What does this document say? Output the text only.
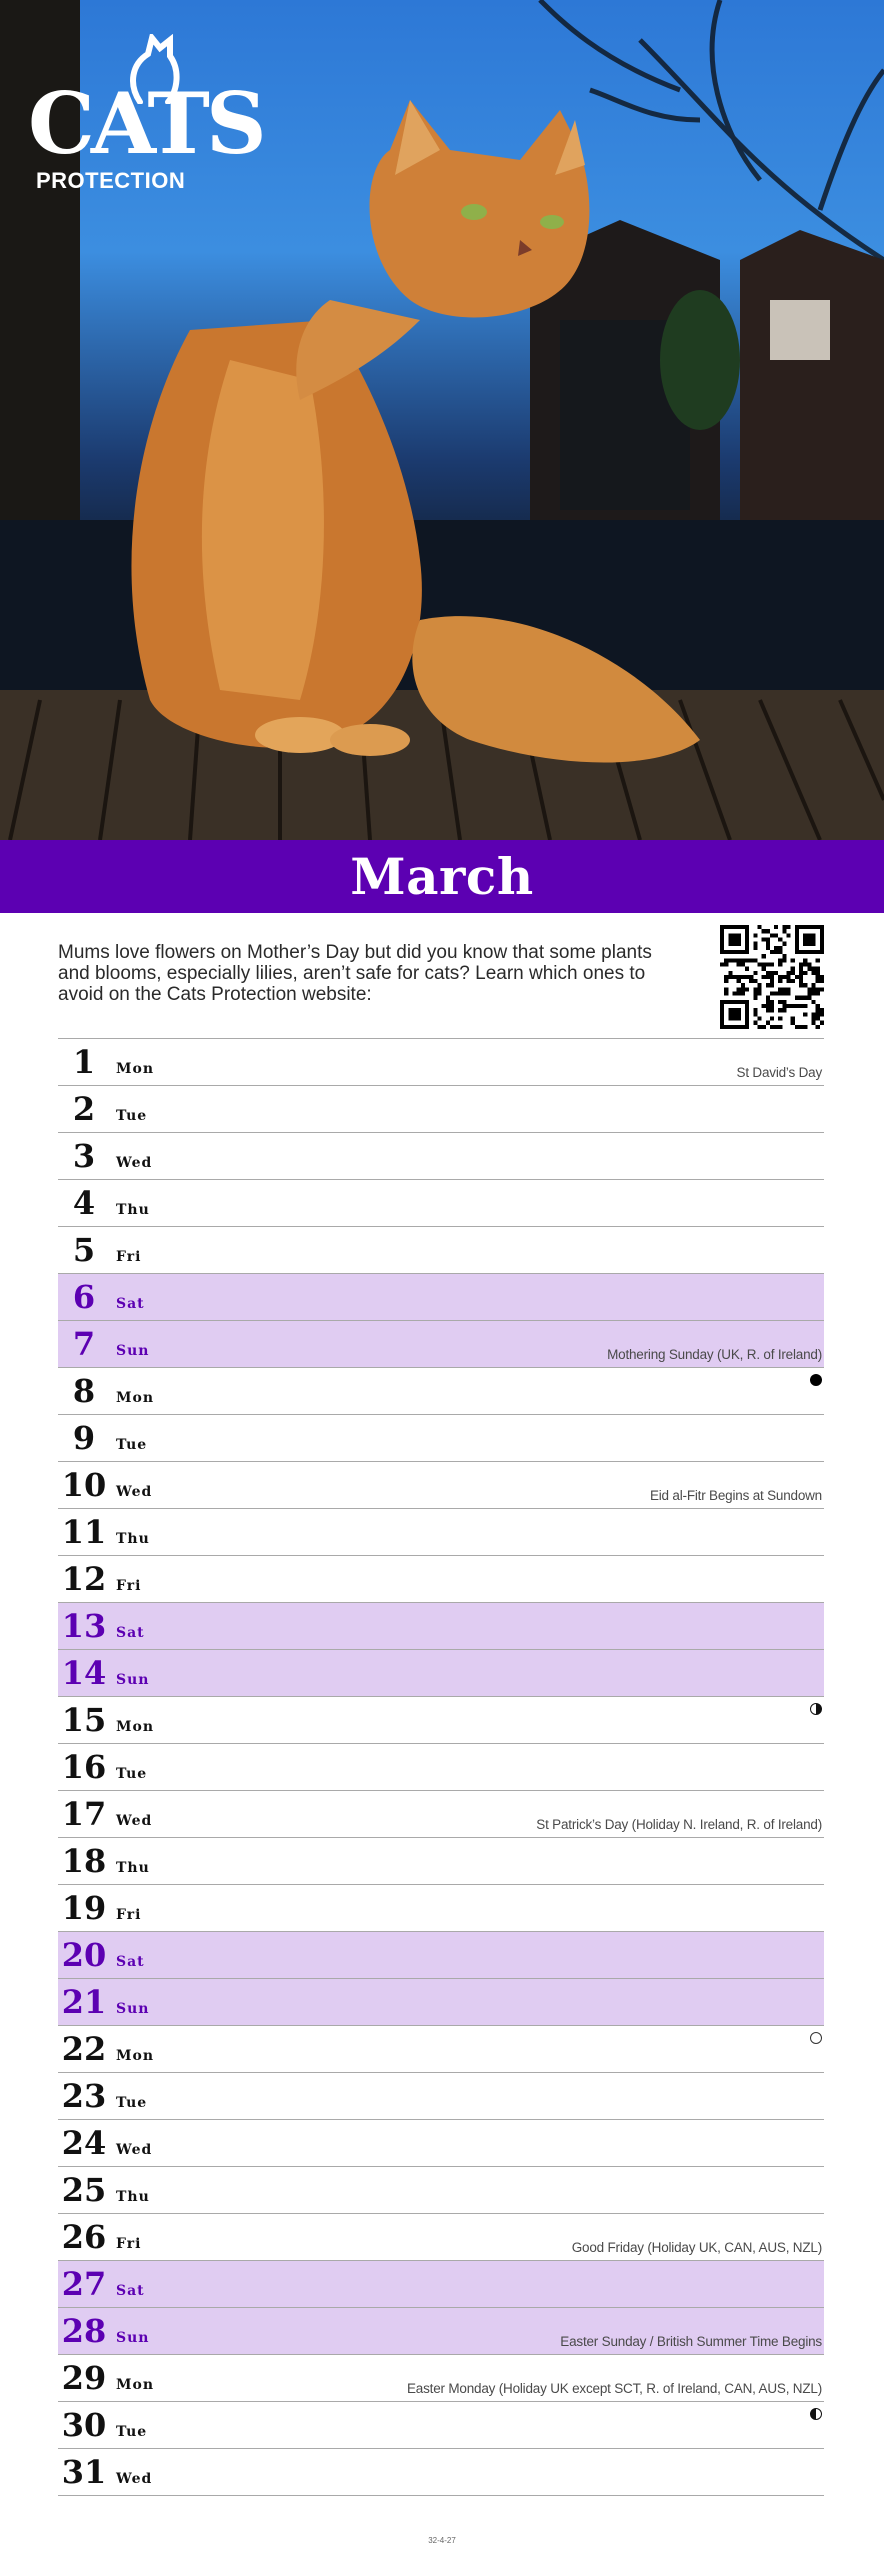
CATS
PROTECTION
March
Mums love flowers on Mother’s Day but did you know that some plants and blooms, especially lilies, aren’t safe for cats? Learn which ones to avoid on the Cats Protection website:
1	Mon	St David’s Day
2	Tue
3	Wed
4	Thu
5	Fri
6	Sat
7	Sun	Mothering Sunday (UK, R. of Ireland)
8	Mon
9	Tue
10 Wed	Eid al-Fitr Begins at Sundown
11 Thu
12 Fri
13 Sat
14 Sun
15 Mon
16 Tue
17 Wed	St Patrick’s Day (Holiday N. Ireland, R. of Ireland)
18 Thu
19 Fri
20 Sat
21 Sun
22 Mon
23 Tue
24 Wed
25 Thu
26 Fri	Good Friday (Holiday UK, CAN, AUS, NZL)
27 Sat
28 Sun	Easter Sunday / British Summer Time Begins
29 Mon	Easter Monday (Holiday UK except SCT, R. of Ireland, CAN, AUS, NZL)
30 Tue
31 Wed
32-4-27
